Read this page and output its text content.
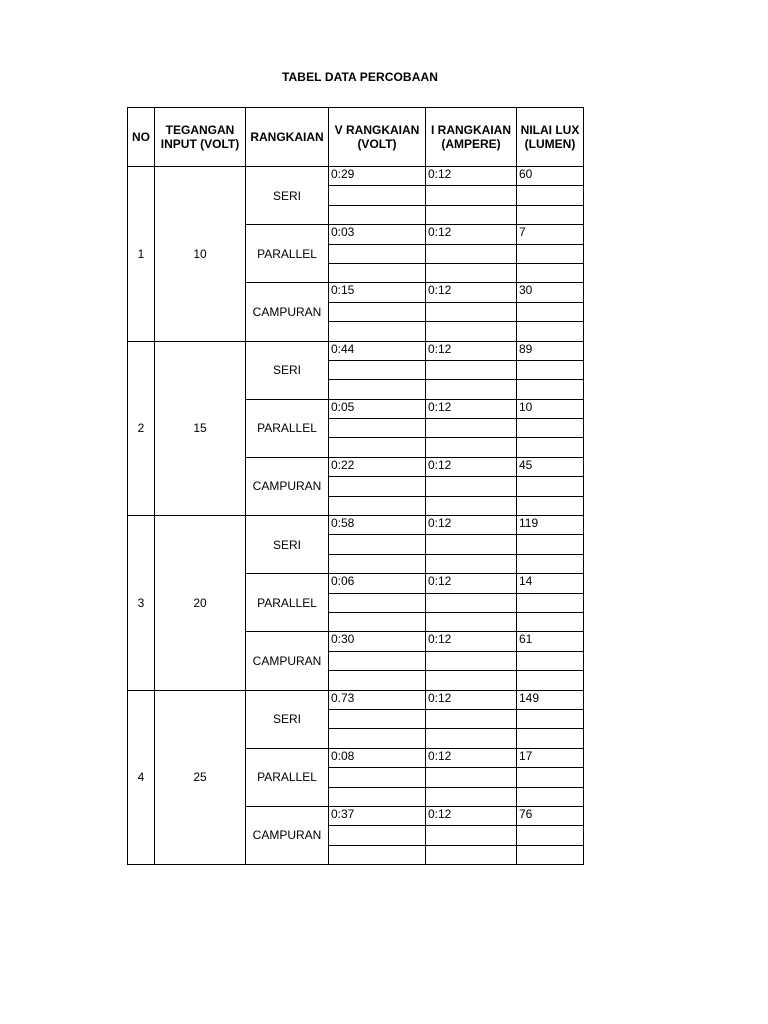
TABEL DATA PERCOBAAN
NO	TEGANGAN INPUT (VOLT)	RANGKAIAN	V RANGKAIAN (VOLT)	I RANGKAIAN (AMPERE)	NILAI LUX (LUMEN)
1	10	SERI	0:29	0:12	60

		PARALLEL	0:03	0:12	7

		CAMPURAN	0:15	0:12	30

2	15	SERI	0:44	0:12	89

		PARALLEL	0:05	0:12	10

		CAMPURAN	0:22	0:12	45

3	20	SERI	0:58	0:12	119

		PARALLEL	0:06	0:12	14

		CAMPURAN	0:30	0:12	61

4	25	SERI	0.73	0:12	149

		PARALLEL	0:08	0:12	17

		CAMPURAN	0:37	0:12	76
